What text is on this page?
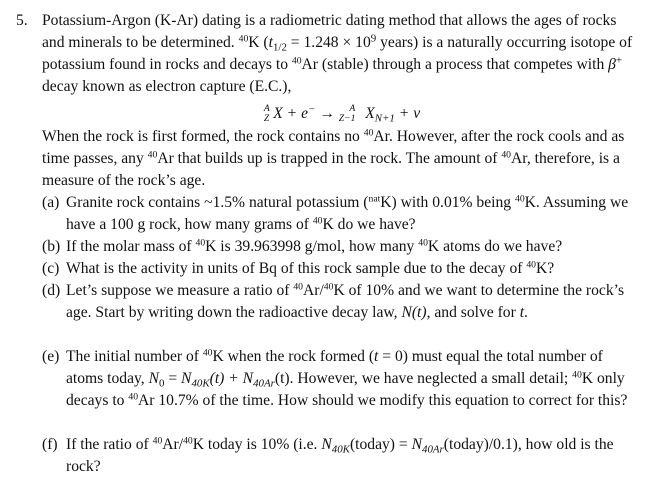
5. Potassium-Argon (K-Ar) dating is a radiometric dating method that allows the ages of rocks and minerals to be determined. $^{40}$K ($t_{1/2} = 1.248 \times 10^9$ years) is a naturally occurring isotope of potassium found in rocks and decays to $^{40}$Ar (stable) through a process that competes with β+ decay known as electron capture (E.C.),
A
Z X + e− → A
Z−1 $X_{N+1} + \nu$
When the rock is first formed, the rock contains no $^{40}$Ar. However, after the rock cools and as time passes, any $^{40}$Ar that builds up is trapped in the rock. The amount of $^{40}$Ar, therefore, is a measure of the rock’s age.
(a) Granite rock contains ~1.5% natural potassium ($^{nat}$K) with 0.01% being $^{40}$K. Assuming we have a 100 g rock, how many grams of $^{40}$K do we have?
(b) If the molar mass of $^{40}$K is 39.963998 g/mol, how many $^{40}$K atoms do we have?
(c) What is the activity in units of Bq of this rock sample due to the decay of $^{40}$K?
(d) Let’s suppose we measure a ratio of $^{40}$Ar/$^{40}$K of 10% and we want to determine the rock’s age. Start by writing down the radioactive decay law, N(t), and solve for t.
(e) The initial number of $^{40}$K when the rock formed (t = 0) must equal the total number of atoms today, $N_0 = N_{40K}(t) + N_{40Ar}(t)$. However, we have neglected a small detail; $^{40}$K only decays to $^{40}$Ar 10.7% of the time. How should we modify this equation to correct for this?
(f) If the ratio of $^{40}$Ar/$^{40}$K today is 10% (i.e. $N_{40K}(today)$ = $N_{40Ar}(today)/0.1$), how old is the rock?
